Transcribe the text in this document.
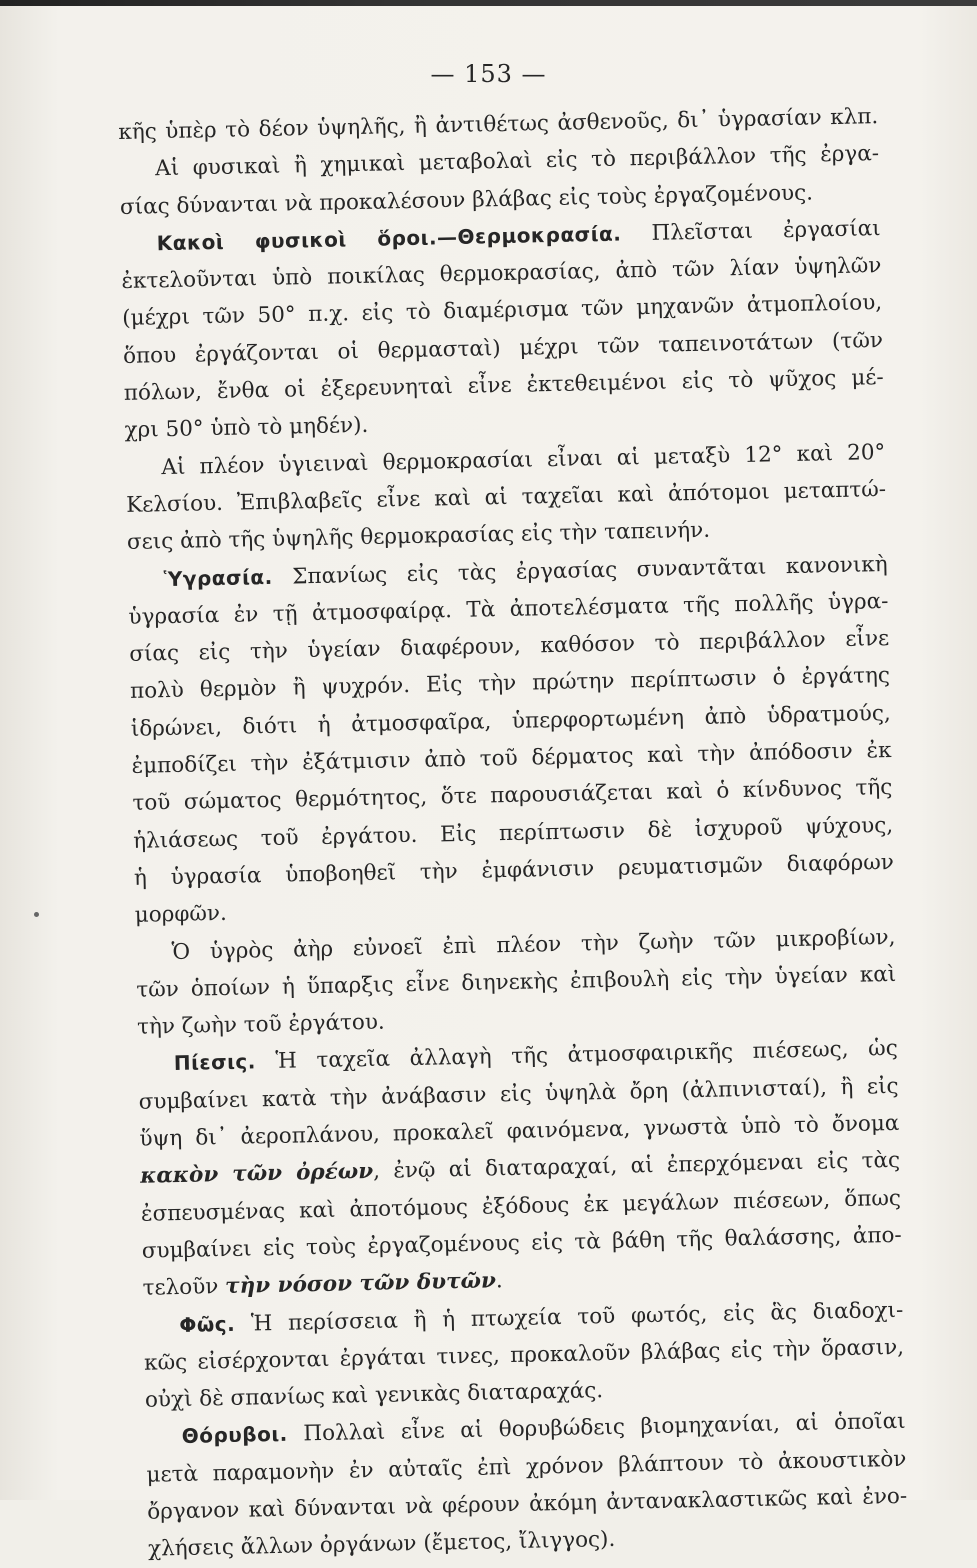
— 153 —
κῆς ὑπὲρ τὸ δέον ὑψηλῆς, ἢ ἀντιθέτως ἀσθενοῦς, δι᾽ ὑγρασίαν κλπ.
Αἱ φυσικαὶ ἢ χημικαὶ μεταβολαὶ εἰς τὸ περιβάλλον τῆς ἐργα-
σίας δύνανται νὰ προκαλέσουν βλάβας εἰς τοὺς ἐργαζομένους.
Κακοὶ φυσικοὶ ὅροι.—Θερμοκρασία. Πλεῖσται ἐργασίαι
ἐκτελοῦνται ὑπὸ ποικίλας θερμοκρασίας, ἀπὸ τῶν λίαν ὑψηλῶν
(μέχρι τῶν 50° π.χ. εἰς τὸ διαμέρισμα τῶν μηχανῶν ἀτμοπλοίου,
ὅπου ἐργάζονται οἱ θερμασταὶ) μέχρι τῶν ταπεινοτάτων (τῶν
πόλων, ἔνθα οἱ ἐξερευνηταὶ εἶνε ἐκτεθειμένοι εἰς τὸ ψῦχος μέ-
χρι 50° ὑπὸ τὸ μηδέν).
Αἱ πλέον ὑγιειναὶ θερμοκρασίαι εἶναι αἱ μεταξὺ 12° καὶ 20°
Κελσίου. Ἐπιβλαβεῖς εἶνε καὶ αἱ ταχεῖαι καὶ ἀπότομοι μεταπτώ-
σεις ἀπὸ τῆς ὑψηλῆς θερμοκρασίας εἰς τὴν ταπεινήν.
Ὑγρασία. Σπανίως εἰς τὰς ἐργασίας συναντᾶται κανονικὴ
ὑγρασία ἐν τῇ ἀτμοσφαίρᾳ. Τὰ ἀποτελέσματα τῆς πολλῆς ὑγρα-
σίας εἰς τὴν ὑγείαν διαφέρουν, καθόσον τὸ περιβάλλον εἶνε
πολὺ θερμὸν ἢ ψυχρόν. Εἰς τὴν πρώτην περίπτωσιν ὁ ἐργάτης
ἱδρώνει, διότι ἡ ἀτμοσφαῖρα, ὑπερφορτωμένη ἀπὸ ὑδρατμούς,
ἐμποδίζει τὴν ἐξάτμισιν ἀπὸ τοῦ δέρματος καὶ τὴν ἀπόδοσιν ἐκ
τοῦ σώματος θερμότητος, ὅτε παρουσιάζεται καὶ ὁ κίνδυνος τῆς
ἡλιάσεως τοῦ ἐργάτου. Εἰς περίπτωσιν δὲ ἰσχυροῦ ψύχους,
ἡ ὑγρασία ὑποβοηθεῖ τὴν ἐμφάνισιν ρευματισμῶν διαφόρων
μορφῶν.
Ὁ ὑγρὸς ἀὴρ εὐνοεῖ ἐπὶ πλέον τὴν ζωὴν τῶν μικροβίων,
τῶν ὁποίων ἡ ὕπαρξις εἶνε διηνεκὴς ἐπιβουλὴ εἰς τὴν ὑγείαν καὶ
τὴν ζωὴν τοῦ ἐργάτου.
Πίεσις. Ἡ ταχεῖα ἀλλαγὴ τῆς ἀτμοσφαιρικῆς πιέσεως, ὡς
συμβαίνει κατὰ τὴν ἀνάβασιν εἰς ὑψηλὰ ὄρη (ἀλπινισταί), ἢ εἰς
ὕψη δι᾽ ἀεροπλάνου, προκαλεῖ φαινόμενα, γνωστὰ ὑπὸ τὸ ὄνομα
κακὸν τῶν ὀρέων, ἐνῷ αἱ διαταραχαί, αἱ ἐπερχόμεναι εἰς τὰς
ἐσπευσμένας καὶ ἀποτόμους ἐξόδους ἐκ μεγάλων πιέσεων, ὅπως
συμβαίνει εἰς τοὺς ἐργαζομένους εἰς τὰ βάθη τῆς θαλάσσης, ἀπο-
τελοῦν τὴν νόσον τῶν δυτῶν.
Φῶς. Ἡ περίσσεια ἢ ἡ πτωχεία τοῦ φωτός, εἰς ἃς διαδοχι-
κῶς εἰσέρχονται ἐργάται τινες, προκαλοῦν βλάβας εἰς τὴν ὅρασιν,
οὐχὶ δὲ σπανίως καὶ γενικὰς διαταραχάς.
Θόρυβοι. Πολλαὶ εἶνε αἱ θορυβώδεις βιομηχανίαι, αἱ ὁποῖαι
μετὰ παραμονὴν ἐν αὐταῖς ἐπὶ χρόνον βλάπτουν τὸ ἀκουστικὸν
ὄργανον καὶ δύνανται νὰ φέρουν ἀκόμη ἀντανακλαστικῶς καὶ ἐνο-
χλήσεις ἄλλων ὀργάνων (ἔμετος, ἴλιγγος).
